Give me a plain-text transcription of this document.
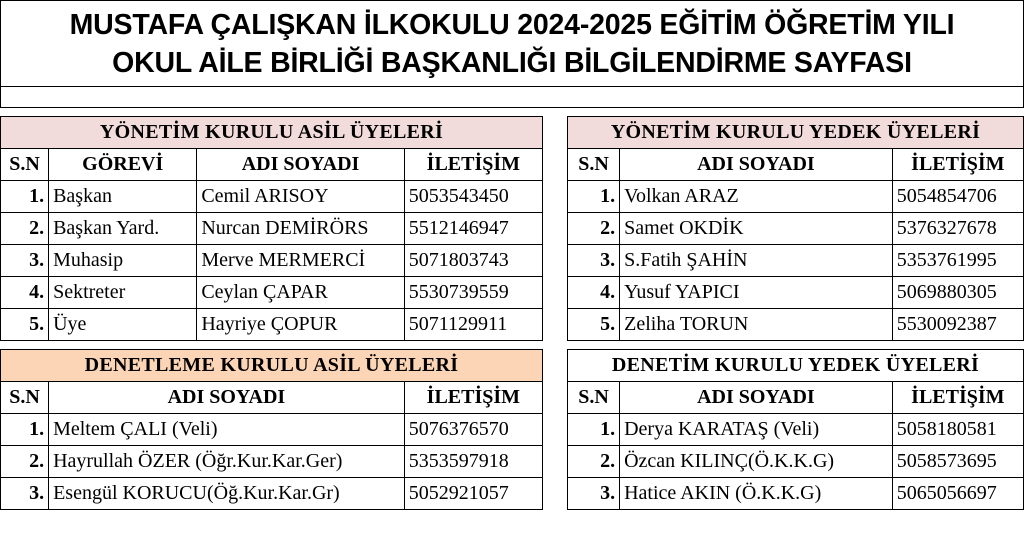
MUSTAFA ÇALIŞKAN İLKOKULU 2024-2025 EĞİTİM ÖĞRETİM YILI
OKUL AİLE BİRLİĞİ BAŞKANLIĞI BİLGİLENDİRME SAYFASI
YÖNETİM KURULU ASİL ÜYELERİ			
S.N	GÖREVİ	ADI SOYADI	İLETİŞİM
1.	Başkan	Cemil ARISOY	5053543450
2.	Başkan Yard.	Nurcan DEMİRÖRS	5512146947
3.	Muhasip	Merve MERMERCİ	5071803743
4.	Sektreter	Ceylan ÇAPAR	5530739559
5.	Üye	Hayriye ÇOPUR	5071129911
YÖNETİM KURULU YEDEK ÜYELERİ		
S.N	ADI SOYADI	İLETİŞİM
1.	Volkan ARAZ	5054854706
2.	Samet OKDİK	5376327678
3.	S.Fatih ŞAHİN	5353761995
4.	Yusuf YAPICI	5069880305
5.	Zeliha TORUN	5530092387
DENETLEME KURULU ASİL ÜYELERİ		
S.N	ADI SOYADI	İLETİŞİM
1.	Meltem ÇALI (Veli)	5076376570
2.	Hayrullah ÖZER (Öğr.Kur.Kar.Ger)	5353597918
3.	Esengül KORUCU(Öğ.Kur.Kar.Gr)	5052921057
DENETİM KURULU YEDEK ÜYELERİ		
S.N	ADI SOYADI	İLETİŞİM
1.	Derya KARATAŞ (Veli)	5058180581
2.	Özcan KILINÇ(Ö.K.K.G)	5058573695
3.	Hatice AKIN (Ö.K.K.G)	5065056697
